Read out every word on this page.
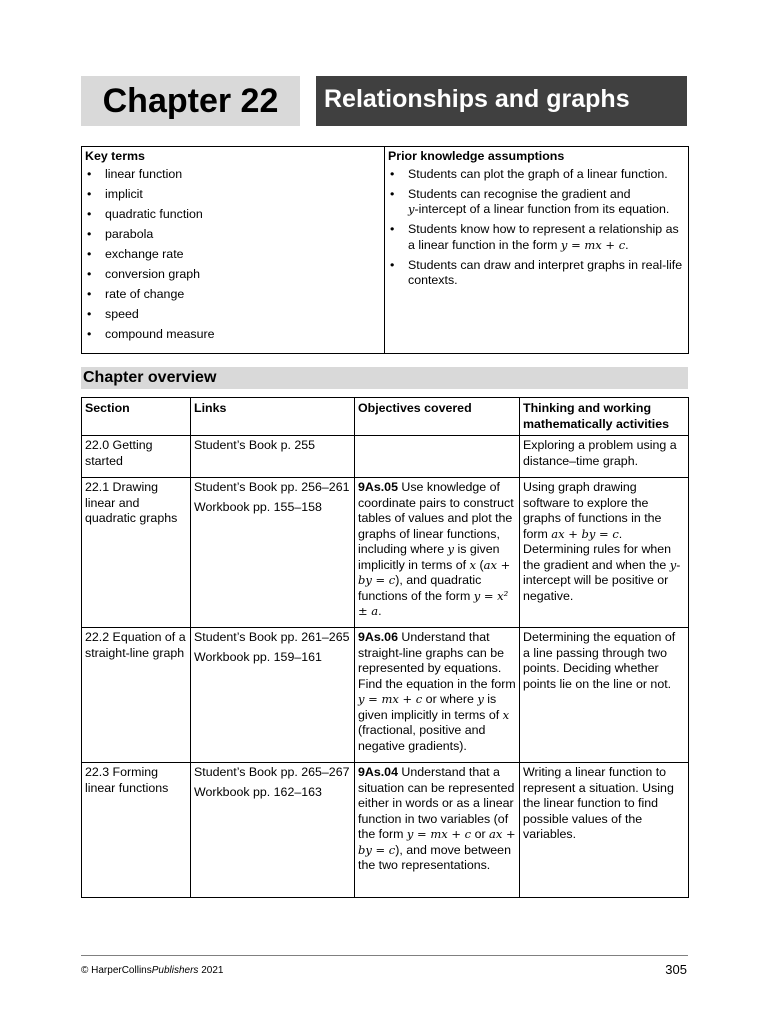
Chapter 22	Relationships and graphs
Key terms
• linear function
• implicit
• quadratic function
• parabola
• exchange rate
• conversion graph
• rate of change
• speed
• compound measure

Prior knowledge assumptions
• Students can plot the graph of a linear function.
• Students can recognise the gradient and
y-intercept of a linear function from its equation.
• Students know how to represent a relationship as a linear function in the form y = mx + c.
• Students can draw and interpret graphs in real-life contexts.
Chapter overview
Section	Links	Objectives covered	Thinking and working mathematically activities
22.0 Getting started	Student’s Book p. 255		Exploring a problem using a distance–time graph.
22.1 Drawing linear and quadratic graphs	Student’s Book pp. 256–261
Workbook pp. 155–158	9As.05 Use knowledge of coordinate pairs to construct tables of values and plot the graphs of linear functions, including where y is given implicitly in terms of x (ax + by = c), and quadratic functions of the form y = x² ± a.	Using graph drawing software to explore the graphs of functions in the form ax + by = c. Determining rules for when the gradient and when the y-intercept will be positive or negative.
22.2 Equation of a straight-line graph	Student’s Book pp. 261–265
Workbook pp. 159–161	9As.06 Understand that straight-line graphs can be represented by equations. Find the equation in the form y = mx + c or where y is given implicitly in terms of x (fractional, positive and negative gradients).	Determining the equation of a line passing through two points. Deciding whether points lie on the line or not.
22.3 Forming linear functions	Student’s Book pp. 265–267
Workbook pp. 162–163	9As.04 Understand that a situation can be represented either in words or as a linear function in two variables (of the form y = mx + c or ax + by = c), and move between the two representations.	Writing a linear function to represent a situation. Using the linear function to find possible values of the variables.
© HarperCollinsPublishers 2021	305
